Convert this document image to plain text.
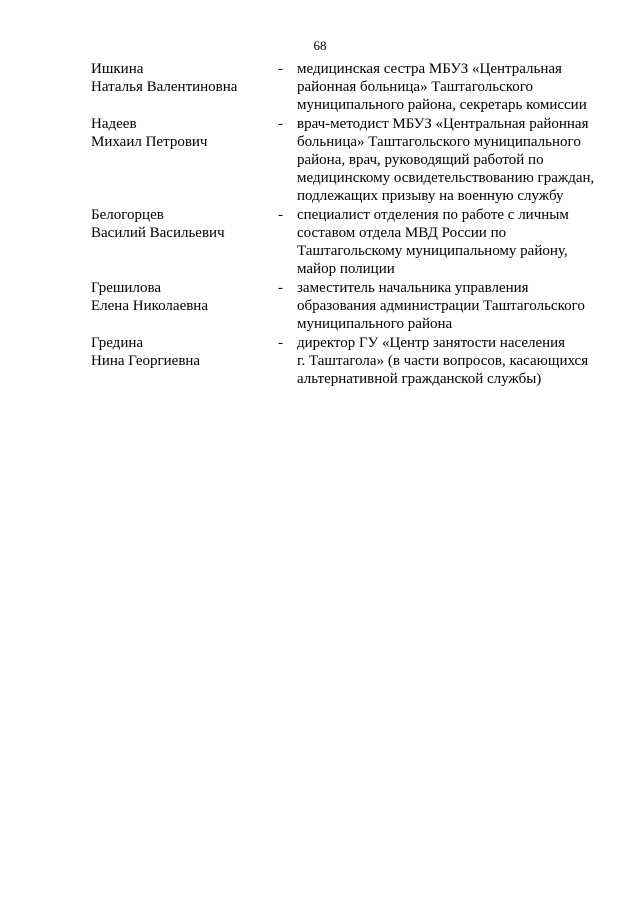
68
Ишкина
Наталья Валентиновна
- медицинская сестра МБУЗ «Центральная
районная больница» Таштагольского
муниципального района, секретарь комиссии
Надеев
Михаил Петрович
- врач-методист МБУЗ «Центральная районная
больница» Таштагольского муниципального
района, врач, руководящий работой по
медицинскому освидетельствованию граждан,
подлежащих призыву на военную службу
Белогорцев
Василий Васильевич
- специалист отделения по работе с личным
составом отдела МВД России по
Таштагольскому муниципальному району,
майор полиции
Грешилова
Елена Николаевна
- заместитель начальника управления
образования администрации Таштагольского
муниципального района
Гредина
Нина Георгиевна
- директор ГУ «Центр занятости населения
г. Таштагола» (в части вопросов, касающихся
альтернативной гражданской службы)
